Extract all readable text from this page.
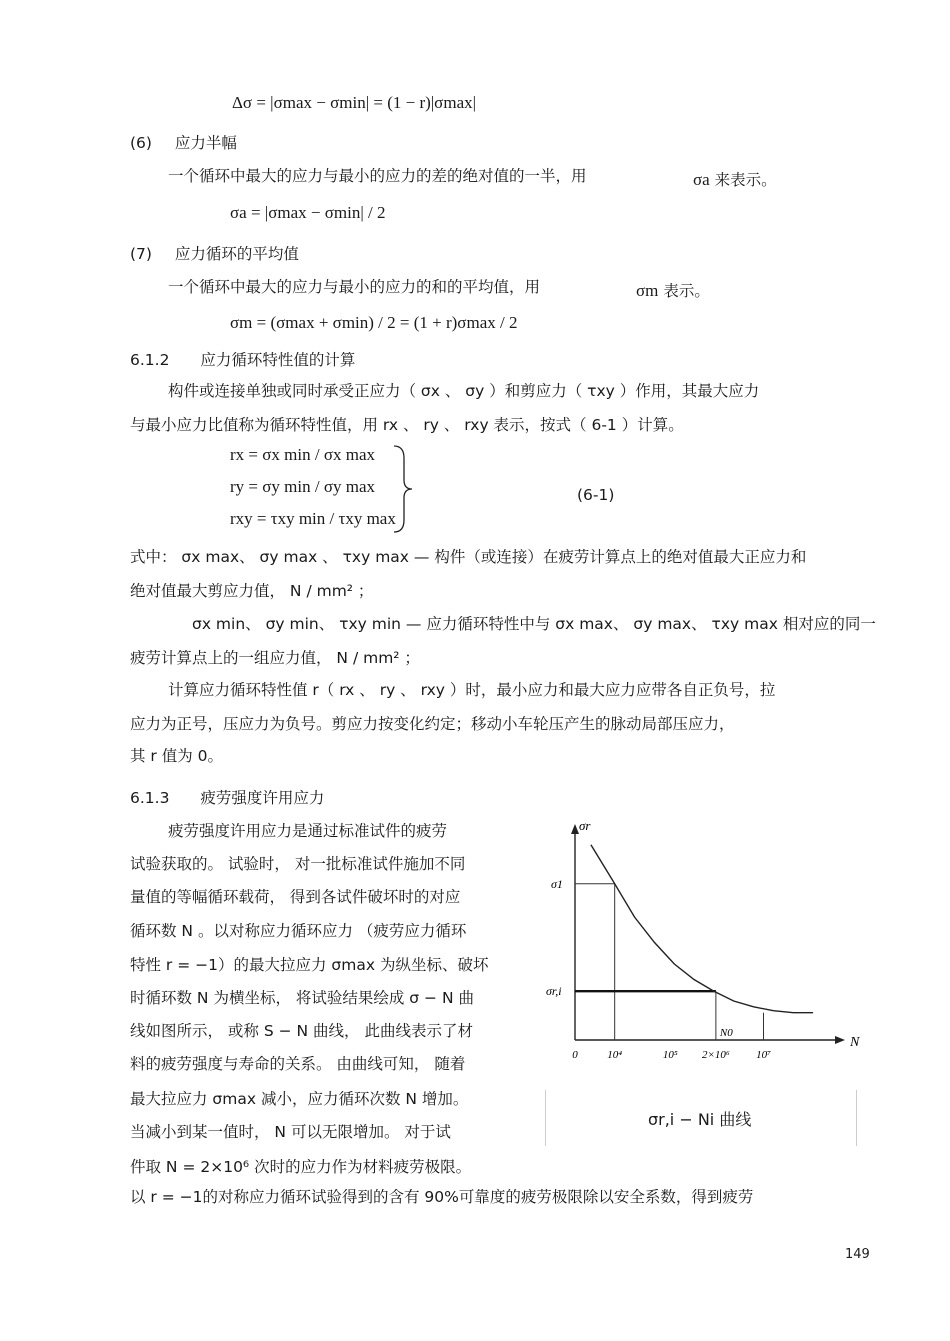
Δσ = |σmax − σmin| = (1 − r)|σmax|
(6) 应力半幅
一个循环中最大的应力与最小的应力的差的绝对值的一半，用	σa 来表示。
σa = |σmax − σmin| / 2
(7) 应力循环的平均值
一个循环中最大的应力与最小的应力的和的平均值，用	σm 表示。
σm = (σmax + σmin) / 2 = (1 + r)σmax / 2
6.1.2 应力循环特性值的计算
构件或连接单独或同时承受正应力（ σx 、 σy ）和剪应力（ τxy ）作用，其最大应力
与最小应力比值称为循环特性值，用 rx 、 ry 、 rxy 表示，按式（ 6-1 ）计算。
rx = σx min / σx max
ry = σy min / σy max
rxy = τxy min / τxy max
(6-1)
式中： σx max、 σy max 、 τxy max — 构件（或连接）在疲劳计算点上的绝对值最大正应力和
绝对值最大剪应力值， N / mm² ；
σx min、 σy min、 τxy min — 应力循环特性中与 σx max、 σy max、 τxy max 相对应的同一
疲劳计算点上的一组应力值， N / mm² ；
计算应力循环特性值 r（ rx 、 ry 、 rxy ）时，最小应力和最大应力应带各自正负号，拉
应力为正号，压应力为负号。剪应力按变化约定；移动小车轮压产生的脉动局部压应力，
其 r 值为 0。
6.1.3 疲劳强度许用应力
疲劳强度许用应力是通过标准试件的疲劳
试验获取的。 试验时， 对一批标准试件施加不同
量值的等幅循环载荷， 得到各试件破坏时的对应
循环数 N 。以对称应力循环应力 （疲劳应力循环
特性 r = −1）的最大拉应力 σmax 为纵坐标、破坏
时循环数 N 为横坐标， 将试验结果绘成 σ − N 曲
线如图所示， 或称 S − N 曲线， 此曲线表示了材
料的疲劳强度与寿命的关系。 由曲线可知， 随着
最大拉应力 σmax 减小，应力循环次数 N 增加。
当减小到某一值时， N 可以无限增加。 对于试
件取 N = 2×10⁶ 次时的应力作为材料疲劳极限。
以 r = −1的对称应力循环试验得到的含有 90%可靠度的疲劳极限除以安全系数，得到疲劳
σr
N
σ1
σr,i
0	10⁴	10⁵ 2×10⁶ 10⁷
N0
σr,i − Ni 曲线
149
